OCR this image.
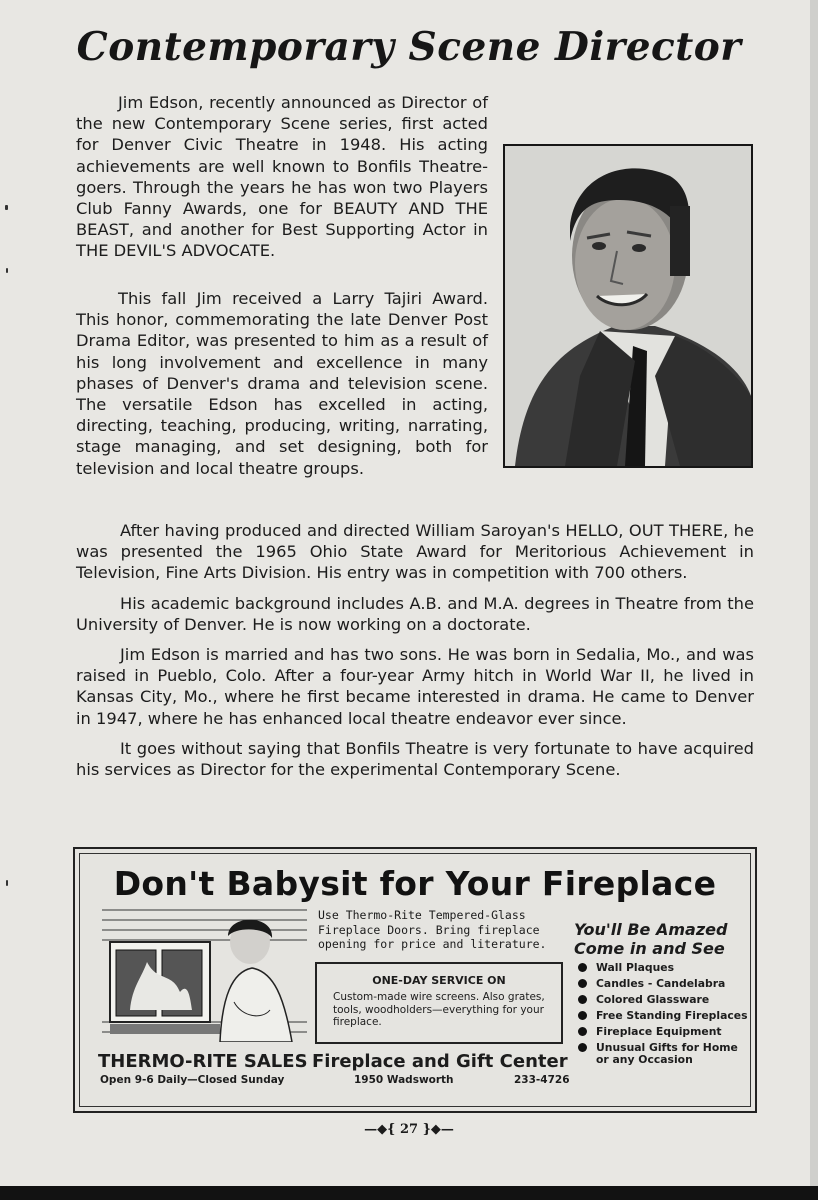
Contemporary Scene Director

Jim Edson, recently announced as Director of the new Contemporary Scene series, first acted for Denver Civic Theatre in 1948. His acting achievements are well known to Bonfils Theatre-goers. Through the years he has won two Players Club Fanny Awards, one for BEAUTY AND THE BEAST, and another for Best Supporting Actor in THE DEVIL'S ADVOCATE.

This fall Jim received a Larry Tajiri Award. This honor, commemorating the late Denver Post Drama Editor, was presented to him as a result of his long involvement and excellence in many phases of Denver's drama and television scene. The versatile Edson has excelled in acting, directing, teaching, producing, writing, narrating, stage managing, and set designing, both for television and local theatre groups.

After having produced and directed William Saroyan's HELLO, OUT THERE, he was presented the 1965 Ohio State Award for Meritorious Achievement in Television, Fine Arts Division. His entry was in competition with 700 others.

His academic background includes A.B. and M.A. degrees in Theatre from the University of Denver. He is now working on a doctorate.

Jim Edson is married and has two sons. He was born in Sedalia, Mo., and was raised in Pueblo, Colo. After a four-year Army hitch in World War II, he lived in Kansas City, Mo., where he first became interested in drama. He came to Denver in 1947, where he has enhanced local theatre endeavor ever since.

It goes without saying that Bonfils Theatre is very fortunate to have acquired his services as Director for the experimental Contemporary Scene.

Don't Babysit for Your Fireplace
Use Thermo-Rite Tempered-Glass Fireplace Doors. Bring fireplace opening for price and literature.
ONE-DAY SERVICE ON
Custom-made wire screens. Also grates, tools, woodholders—everything for your fireplace.
You'll Be Amazed
Come in and See
Wall Plaques
Candles - Candelabra
Colored Glassware
Free Standing Fireplaces
Fireplace Equipment
Unusual Gifts for Home or any Occasion
THERMO-RITE SALES
Open 9-6 Daily—Closed Sunday
Fireplace and Gift Center
1950 Wadsworth	233-4726
—◆{ 27 }◆—
